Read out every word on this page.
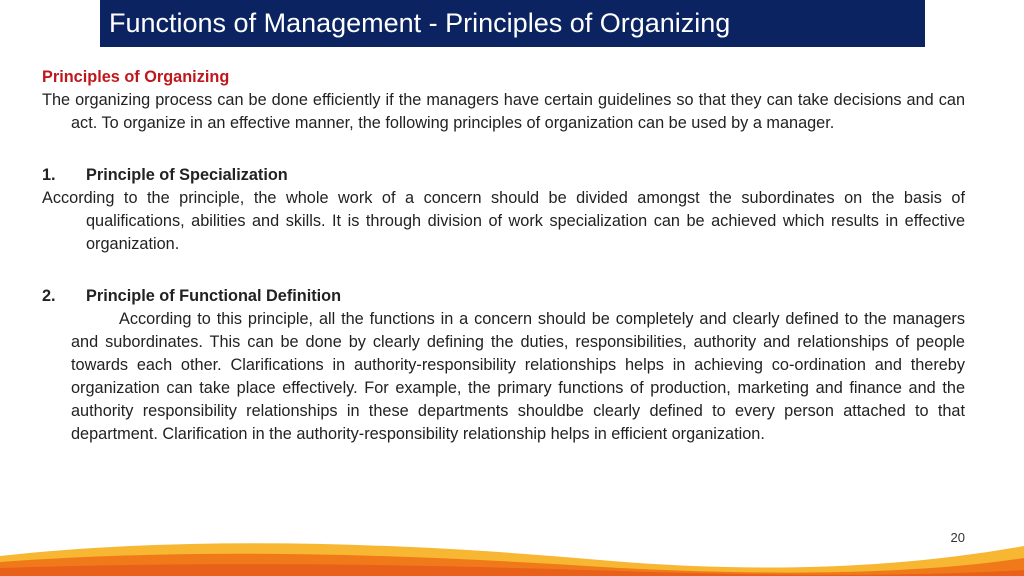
Functions of Management - Principles of Organizing

Principles of Organizing

The organizing process can be done efficiently if the managers have certain guidelines so that they can take decisions and can act. To organize in an effective manner, the following principles of organization can be used by a manager.

1.	Principle of Specialization

According to the principle, the whole work of a concern should be divided amongst the subordinates on the basis of qualifications, abilities and skills. It is through division of work specialization can be achieved which results in effective organization.

2.	Principle of Functional Definition

According to this principle, all the functions in a concern should be completely and clearly defined to the managers and subordinates. This can be done by clearly defining the duties, responsibilities, authority and relationships of people towards each other. Clarifications in authority-responsibility relationships helps in achieving co-ordination and thereby organization can take place effectively. For example, the primary functions of production, marketing and finance and the authority responsibility relationships in these departments shouldbe clearly defined to every person attached to that department. Clarification in the authority-responsibility relationship helps in efficient organization.

20
